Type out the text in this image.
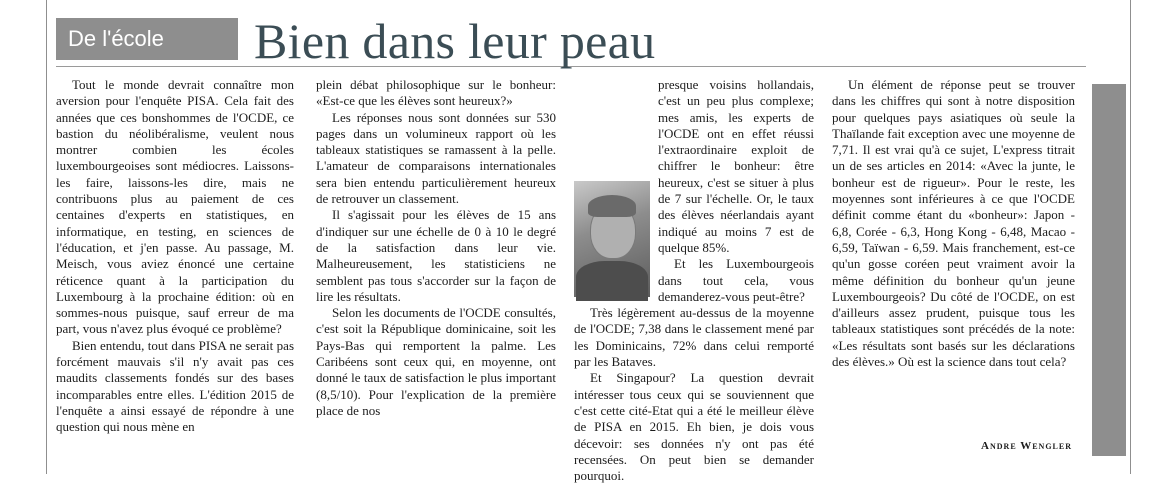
De l'école	Bien dans leur peau

Tout le monde devrait connaître mon aversion pour l'enquête PISA. Cela fait des années que ces bonshommes de l'OCDE, ce bastion du néolibéralisme, veulent nous montrer combien les écoles luxembourgeoises sont médiocres. Laissons-les faire, laissons-les dire, mais ne contribuons plus au paiement de ces centaines d'experts en statistiques, en informatique, en testing, en sciences de l'éducation, et j'en passe. Au passage, M. Meisch, vous aviez énoncé une certaine réticence quant à la participation du Luxembourg à la prochaine édition: où en sommes-nous puisque, sauf erreur de ma part, vous n'avez plus évoqué ce problème?

Bien entendu, tout dans PISA ne serait pas forcément mauvais s'il n'y avait pas ces maudits classements fondés sur des bases incomparables entre elles. L'édition 2015 de l'enquête a ainsi essayé de répondre à une question qui nous mène en

plein débat philosophique sur le bonheur: «Est-ce que les élèves sont heureux?»

Les réponses nous sont données sur 530 pages dans un volumineux rapport où les tableaux statistiques se ramassent à la pelle. L'amateur de comparaisons internationales sera bien entendu particulièrement heureux de retrouver un classement.

Il s'agissait pour les élèves de 15 ans d'indiquer sur une échelle de 0 à 10 le degré de la satisfaction dans leur vie. Malheureusement, les statisticiens ne semblent pas tous s'accorder sur la façon de lire les résultats.

Selon les documents de l'OCDE consultés, c'est soit la République dominicaine, soit les Pays-Bas qui remportent la palme. Les Caribéens sont ceux qui, en moyenne, ont donné le taux de satisfaction le plus important (8,5/10). Pour l'explication de la première place de nos

presque voisins hollandais, c'est un peu plus complexe; mes amis, les experts de l'OCDE ont en effet réussi l'extraordinaire exploit de chiffrer le bonheur: être heureux, c'est se situer à plus de 7 sur l'échelle. Or, le taux des élèves néerlandais ayant indiqué au moins 7 est de quelque 85%.

Et les Luxembourgeois dans tout cela, vous demanderez-vous peut-être?

Très légèrement au-dessus de la moyenne de l'OCDE; 7,38 dans le classement mené par les Dominicains, 72% dans celui remporté par les Bataves.

Et Singapour? La question devrait intéresser tous ceux qui se souviennent que c'est cette cité-Etat qui a été le meilleur élève de PISA en 2015. Eh bien, je dois vous décevoir: ses données n'y ont pas été recensées. On peut bien se demander pourquoi.

Un élément de réponse peut se trouver dans les chiffres qui sont à notre disposition pour quelques pays asiatiques où seule la Thaïlande fait exception avec une moyenne de 7,71. Il est vrai qu'à ce sujet, L'express titrait un de ses articles en 2014: «Avec la junte, le bonheur est de rigueur». Pour le reste, les moyennes sont inférieures à ce que l'OCDE définit comme étant du «bonheur»: Japon - 6,8, Corée - 6,3, Hong Kong - 6,48, Macao - 6,59, Taïwan - 6,59. Mais franchement, est-ce qu'un gosse coréen peut vraiment avoir la même définition du bonheur qu'un jeune Luxembourgeois? Du côté de l'OCDE, on est d'ailleurs assez prudent, puisque tous les tableaux statistiques sont précédés de la note: «Les résultats sont basés sur les déclarations des élèves.» Où est la science dans tout cela?

Andre Wengler
